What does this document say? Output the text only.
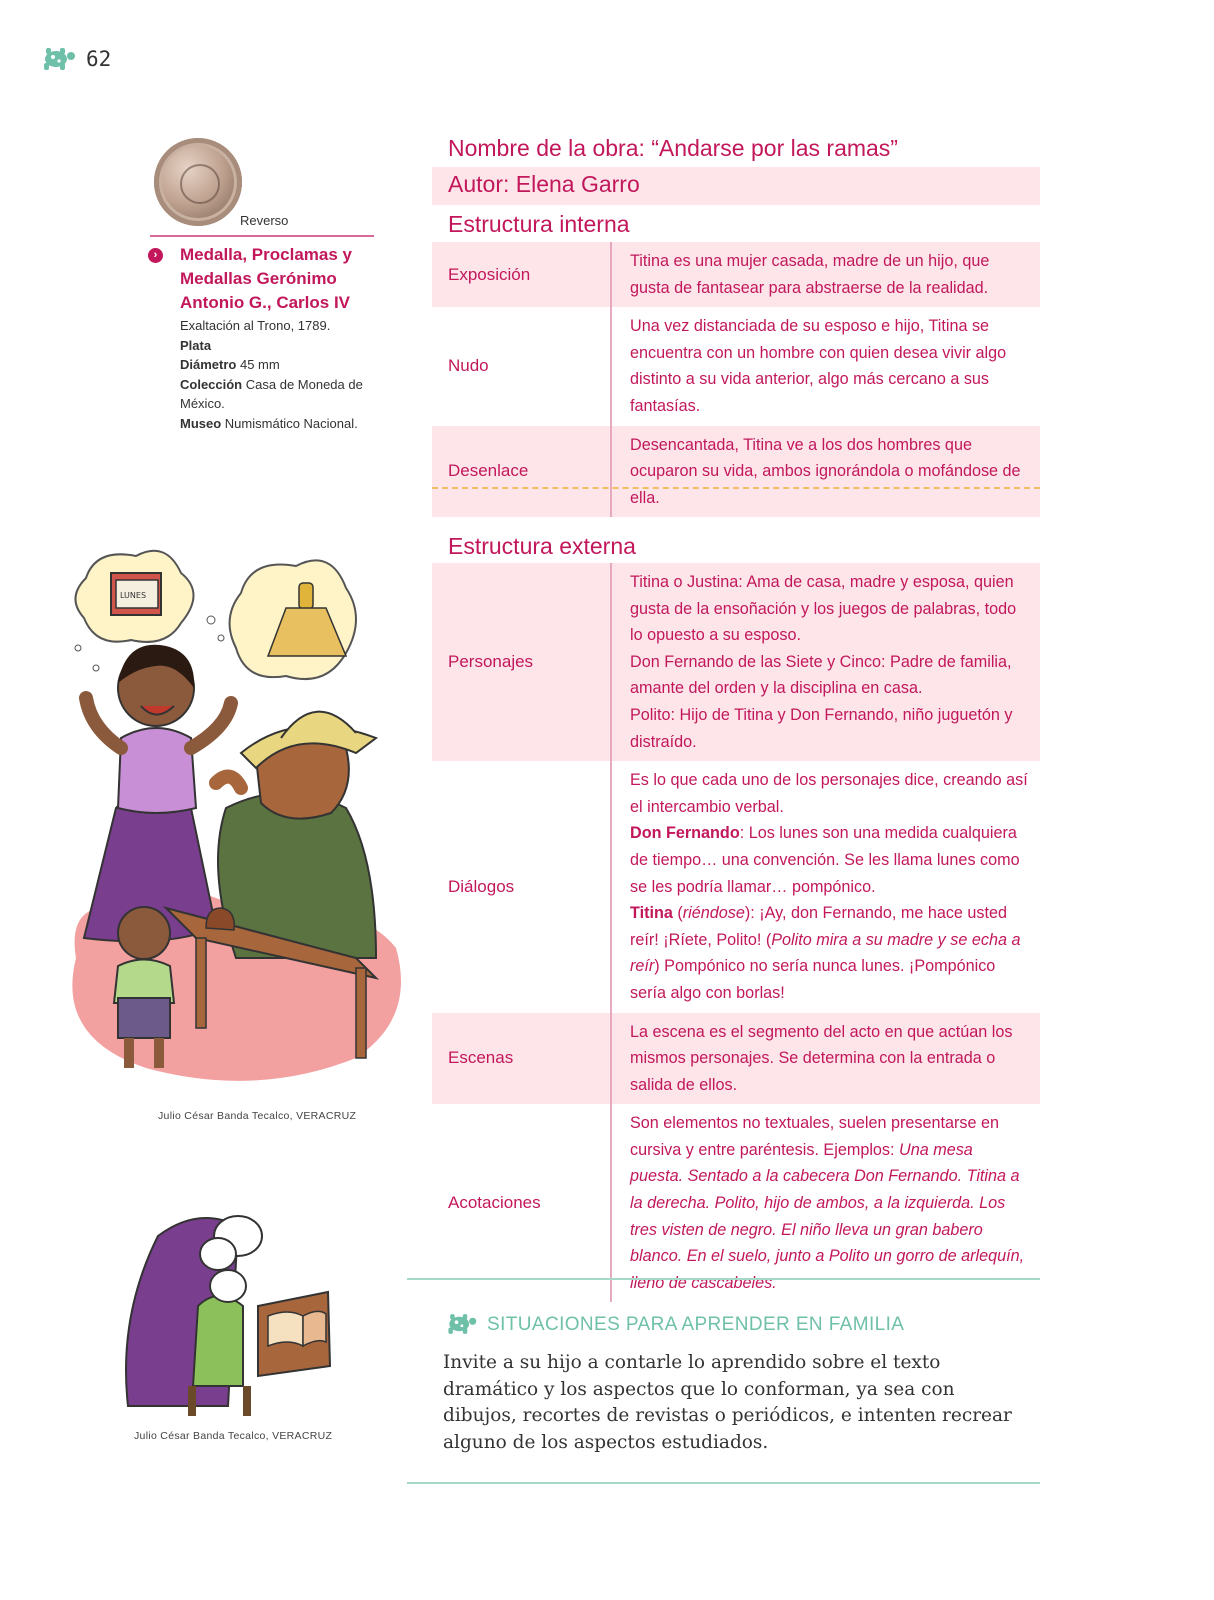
62
Reverso
›	Medalla, Proclamas y Medallas Gerónimo Antonio G., Carlos IV
Exaltación al Trono, 1789.
Plata
Diámetro 45 mm
Colección Casa de Moneda de México.
Museo Numismático Nacional.
LUNES
Julio César Banda Tecalco, VERACRUZ
Julio César Banda Tecalco, VERACRUZ
Nombre de la obra: “Andarse por las ramas”
Autor: Elena Garro
Estructura interna
Exposición	Titina es una mujer casada, madre de un hijo, que gusta de fantasear para abstraerse de la realidad.
Nudo	Una vez distanciada de su esposo e hijo, Titina se encuentra con un hombre con quien desea vivir algo distinto a su vida anterior, algo más cercano a sus fantasías.
Desenlace	Desencantada, Titina ve a los dos hombres que ocuparon su vida, ambos ignorándola o mofándose de ella.
Estructura externa
Personajes	Titina o Justina: Ama de casa, madre y esposa, quien gusta de la ensoñación y los juegos de palabras, todo lo opuesto a su esposo.
Don Fernando de las Siete y Cinco: Padre de familia, amante del orden y la disciplina en casa.
Polito: Hijo de Titina y Don Fernando, niño juguetón y distraído.

Diálogos	Es lo que cada uno de los personajes dice, creando así el intercambio verbal.
Don Fernando: Los lunes son una medida cualquiera de tiempo… una convención. Se les llama lunes como se les podría llamar… pompónico.
Titina (riéndose): ¡Ay, don Fernando, me hace usted reír! ¡Ríete, Polito! (Polito mira a su madre y se echa a reír) Pompónico no sería nunca lunes. ¡Pompónico sería algo con borlas!

Escenas	La escena es el segmento del acto en que actúan los mismos personajes. Se determina con la entrada o salida de ellos.
Acotaciones	Son elementos no textuales, suelen presentarse en cursiva y entre paréntesis. Ejemplos: Una mesa puesta. Sentado a la cabecera Don Fernando. Titina a la derecha. Polito, hijo de ambos, a la izquierda. Los tres visten de negro. El niño lleva un gran babero blanco. En el suelo, junto a Polito un gorro de arlequín, lleno de cascabeles.
SITUACIONES PARA APRENDER EN FAMILIA
Invite a su hijo a contarle lo aprendido sobre el texto dramático y los aspectos que lo conforman, ya sea con dibujos, recortes de revistas o periódicos, e intenten recrear alguno de los aspectos estudiados.
